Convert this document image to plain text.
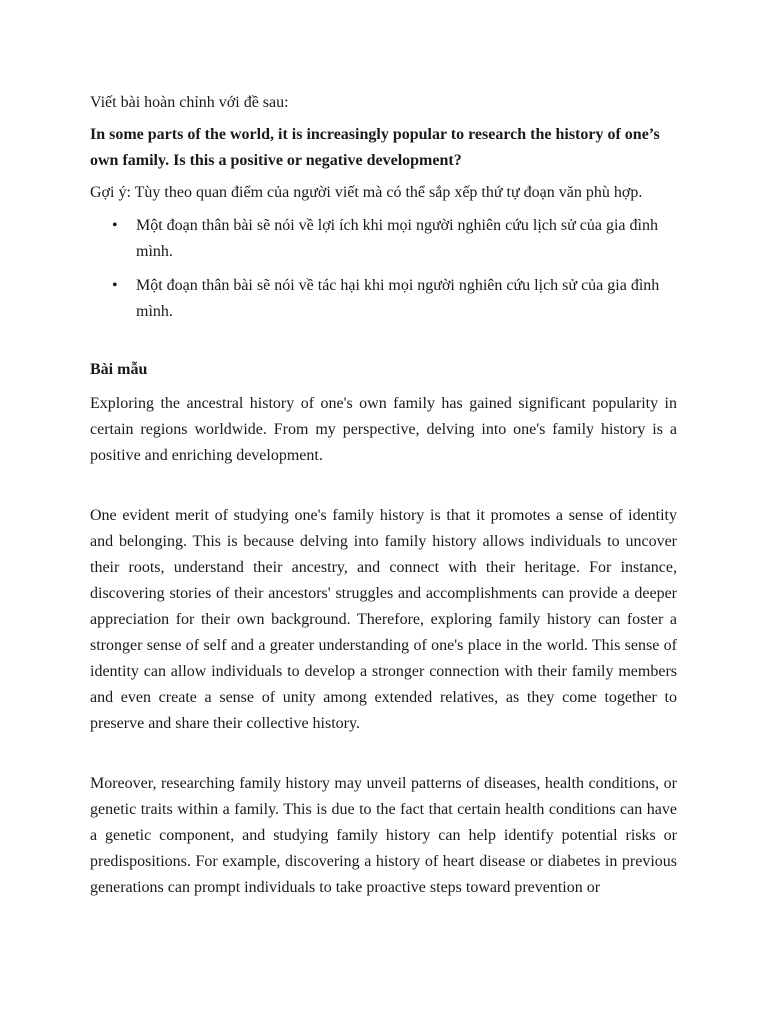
Viết bài hoàn chỉnh với đề sau:

In some parts of the world, it is increasingly popular to research the history of one’s own family. Is this a positive or negative development?

Gợi ý: Tùy theo quan điểm của người viết mà có thể sắp xếp thứ tự đoạn văn phù hợp.

• Một đoạn thân bài sẽ nói về lợi ích khi mọi người nghiên cứu lịch sử của gia đình mình.
• Một đoạn thân bài sẽ nói về tác hại khi mọi người nghiên cứu lịch sử của gia đình mình.

Bài mẫu

Exploring the ancestral history of one's own family has gained significant popularity in certain regions worldwide. From my perspective, delving into one's family history is a positive and enriching development.

One evident merit of studying one's family history is that it promotes a sense of identity and belonging. This is because delving into family history allows individuals to uncover their roots, understand their ancestry, and connect with their heritage. For instance, discovering stories of their ancestors' struggles and accomplishments can provide a deeper appreciation for their own background. Therefore, exploring family history can foster a stronger sense of self and a greater understanding of one's place in the world. This sense of identity can allow individuals to develop a stronger connection with their family members and even create a sense of unity among extended relatives, as they come together to preserve and share their collective history.

Moreover, researching family history may unveil patterns of diseases, health conditions, or genetic traits within a family. This is due to the fact that certain health conditions can have a genetic component, and studying family history can help identify potential risks or predispositions. For example, discovering a history of heart disease or diabetes in previous generations can prompt individuals to take proactive steps toward prevention or
